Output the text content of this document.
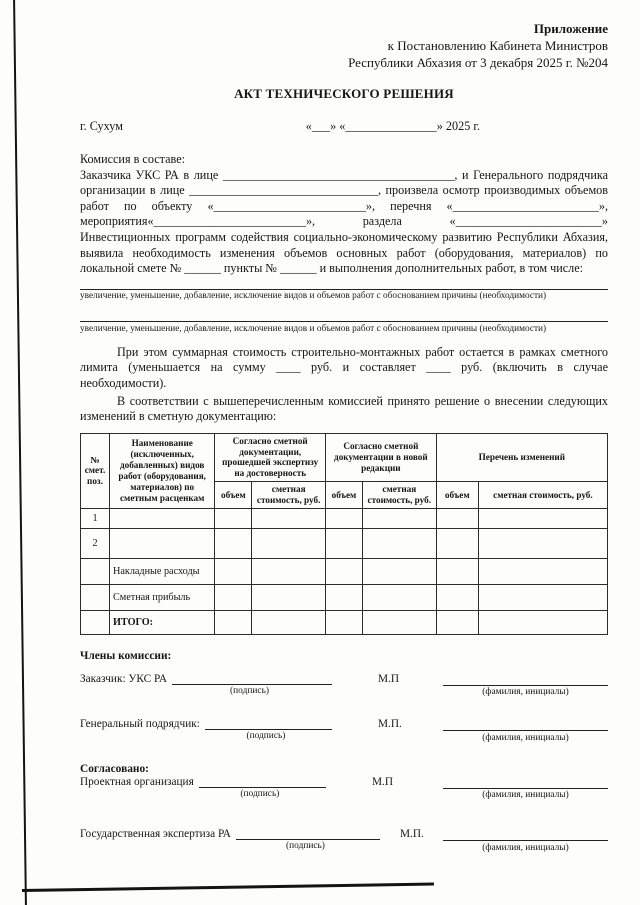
Приложение
к Постановлению Кабинета Министров
Республики Абхазия от 3 декабря 2025 г. №204
АКТ ТЕХНИЧЕСКОГО РЕШЕНИЯ
г. Сухум	«___» «_______________» 2025 г.
Комиссия в составе:

Заказчика УКС РА в лице ______________________________________, и Генерального подрядчика организации в лице _______________________________, произвела осмотр производимых объемов работ по объекту «_________________________», перечня «________________________», мероприятия«_________________________», раздела «________________________» Инвестиционных программ содействия социально-экономическому развитию Республики Абхазия, выявила необходимость изменения объемов основных работ (оборудования, материалов) по локальной смете № ______ пункты № ______ и выполнения дополнительных работ, в том числе:

увеличение, уменьшение, добавление, исключение видов и объемов работ с обоснованием причины (необходимости)
увеличение, уменьшение, добавление, исключение видов и объемов работ с обоснованием причины (необходимости)

При этом суммарная стоимость строительно-монтажных работ остается в рамках сметного лимита (уменьшается на сумму ____ руб. и составляет ____ руб. (включить в случае необходимости).

В соответствии с вышеперечисленным комиссией принято решение о внесении следующих изменений в сметную документацию:

№ смет. поз.	Наименование (исключенных, добавленных) видов работ (оборудования, материалов) по сметным расценкам	Согласно сметной документации, прошедшей экспертизу на достоверность		Согласно сметной документации в новой редакции		Перечень изменений	
		объем	сметная стоимость, руб.	объем	сметная стоимость, руб.	объем	сметная стоимость, руб.
1							
2							
	Накладные расходы						
	Сметная прибыль						
	ИТОГО:						
Члены комиссии:
Заказчик: УКС РА
(подпись)
М.П
(фамилия, инициалы)
Генеральный подрядчик:
(подпись)
М.П.
(фамилия, инициалы)
Согласовано:
Проектная организация
(подпись)
М.П
(фамилия, инициалы)
Государственная экспертиза РА
(подпись)
М.П.
(фамилия, инициалы)
